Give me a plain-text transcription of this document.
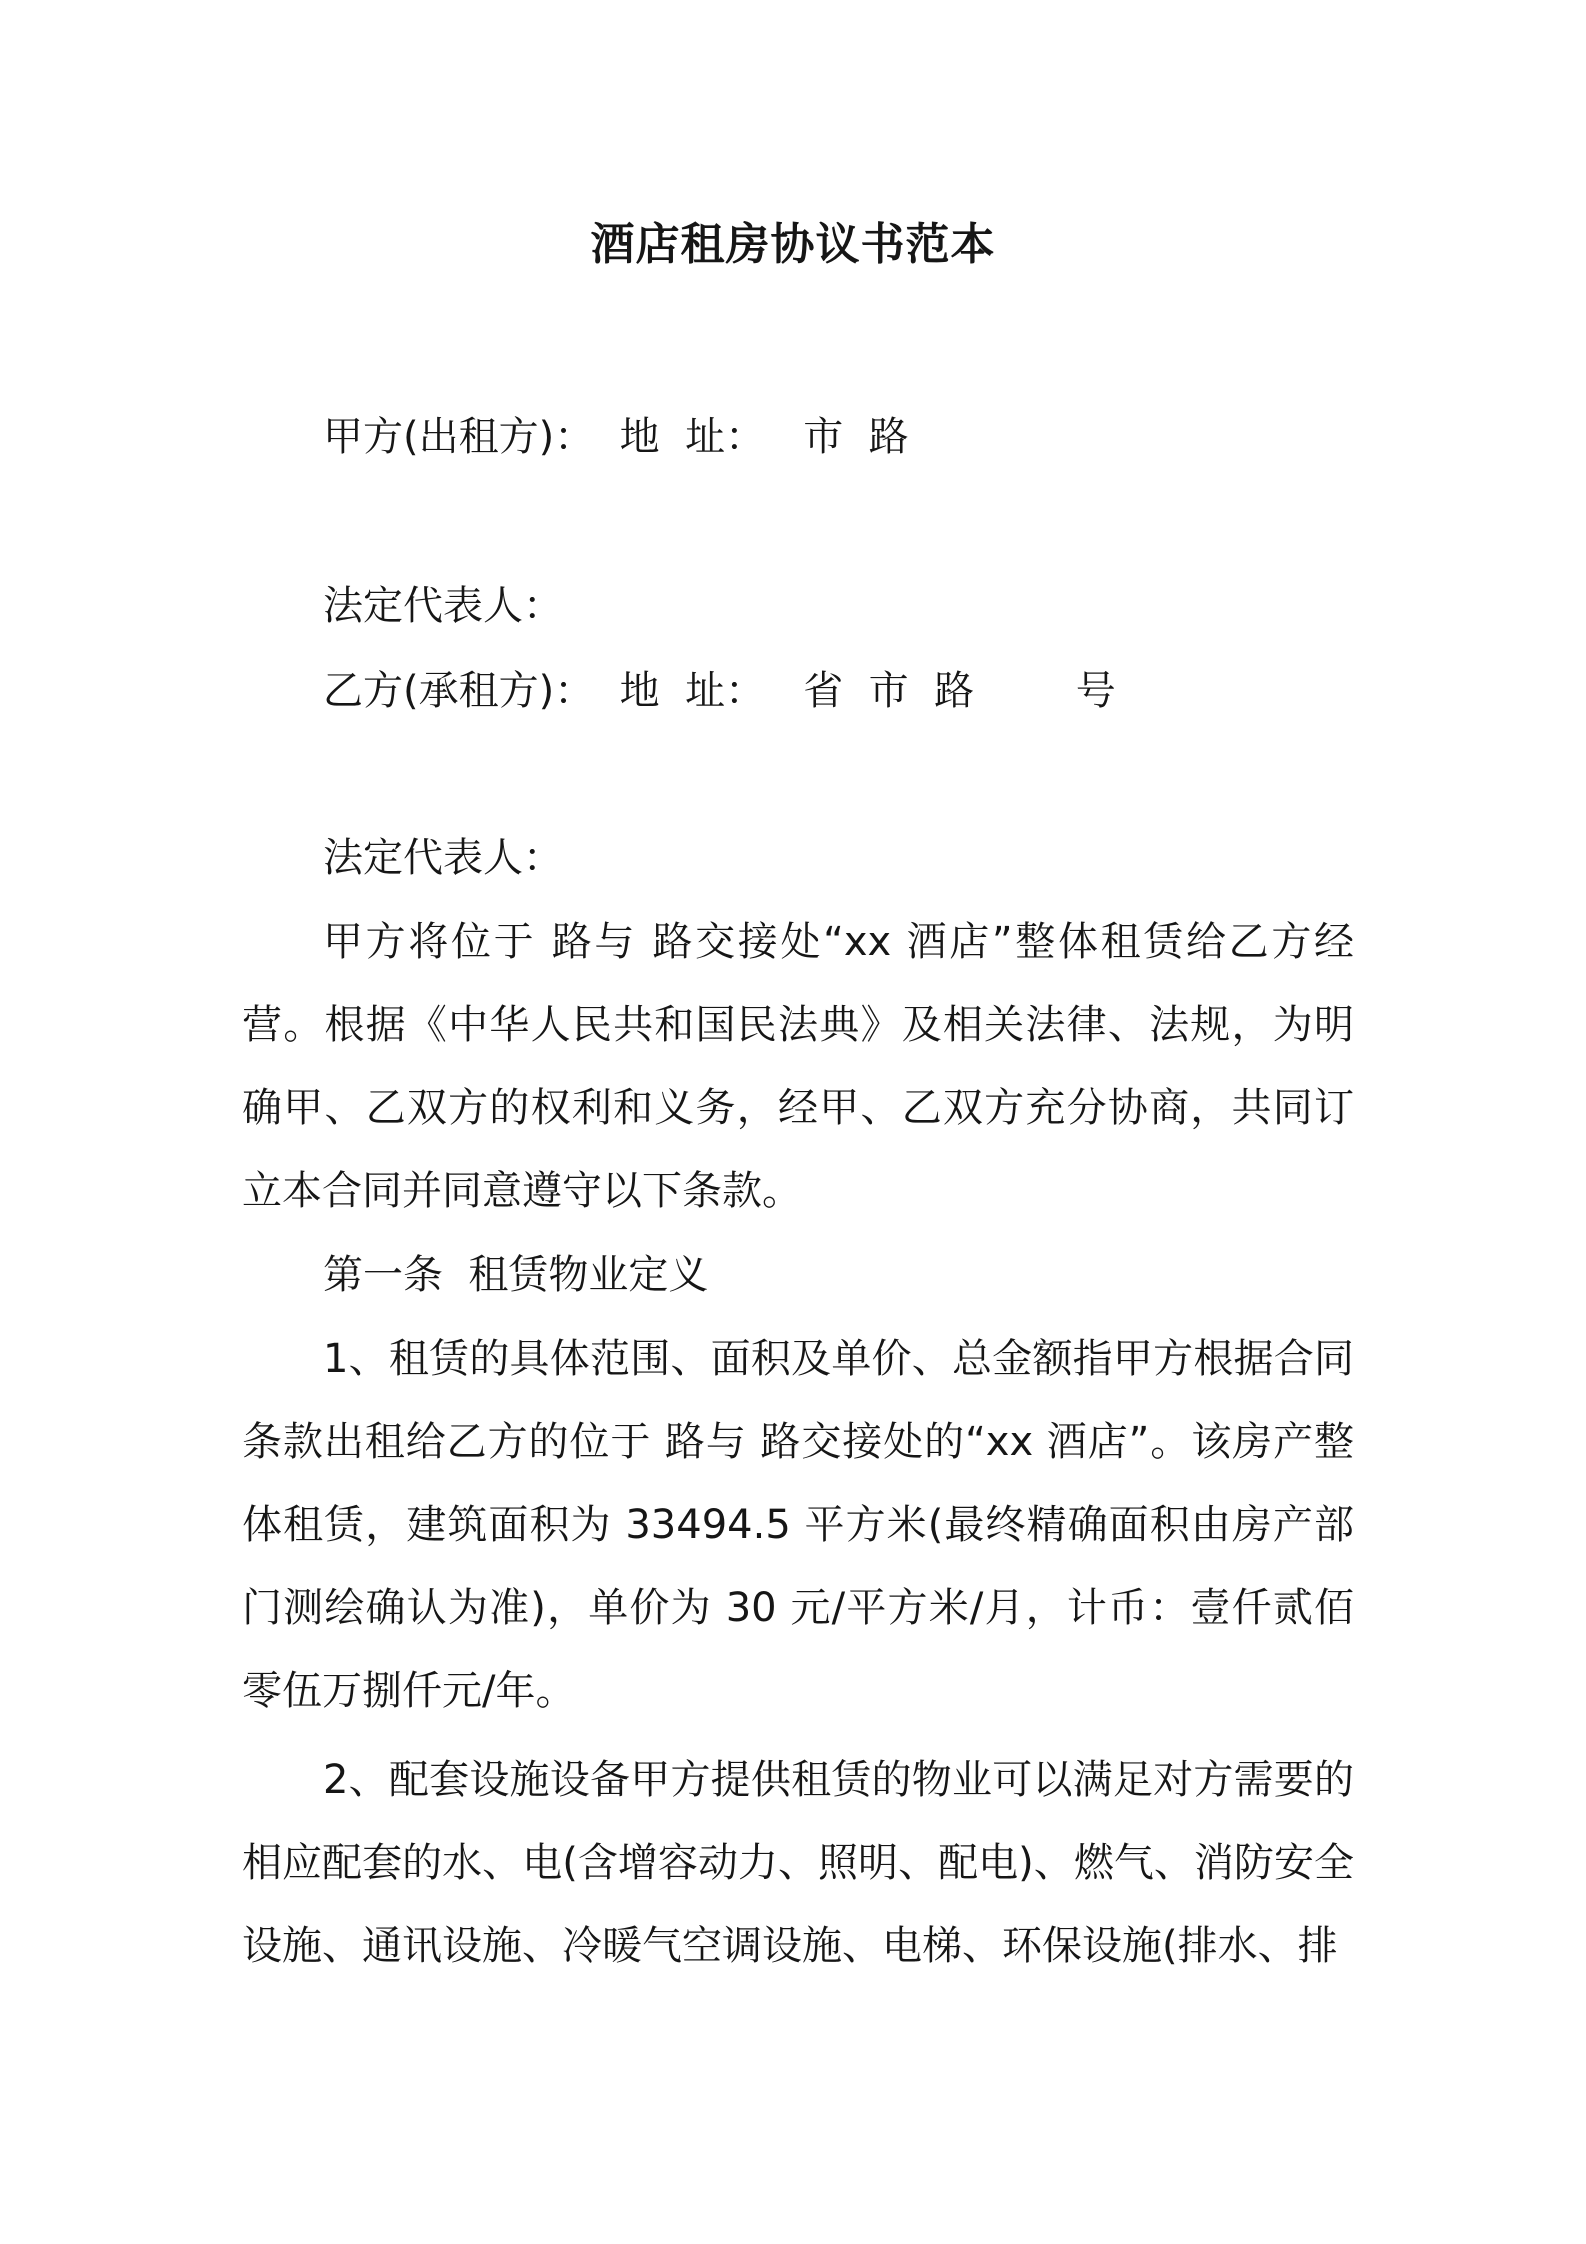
酒店租房协议书范本
甲方(出租方)：  地  址：   市  路
法定代表人：
乙方(承租方)：  地  址：   省  市  路        号
法定代表人：

甲方将位于 路与 路交接处“xx 酒店”整体租赁给乙方经营。根据《中华人民共和国民法典》及相关法律、法规，为明确甲、乙双方的权利和义务，经甲、乙双方充分协商，共同订立本合同并同意遵守以下条款。

第一条  租赁物业定义

1、租赁的具体范围、面积及单价、总金额指甲方根据合同条款出租给乙方的位于 路与 路交接处的“xx 酒店”。该房产整体租赁，建筑面积为 33494.5 平方米(最终精确面积由房产部门测绘确认为准)，单价为 30 元/平方米/月，计币：壹仟贰佰零伍万捌仟元/年。

2、配套设施设备甲方提供租赁的物业可以满足对方需要的相应配套的水、电(含增容动力、照明、配电)、燃气、消防安全设施、通讯设施、冷暖气空调设施、电梯、环保设施(排水、排
